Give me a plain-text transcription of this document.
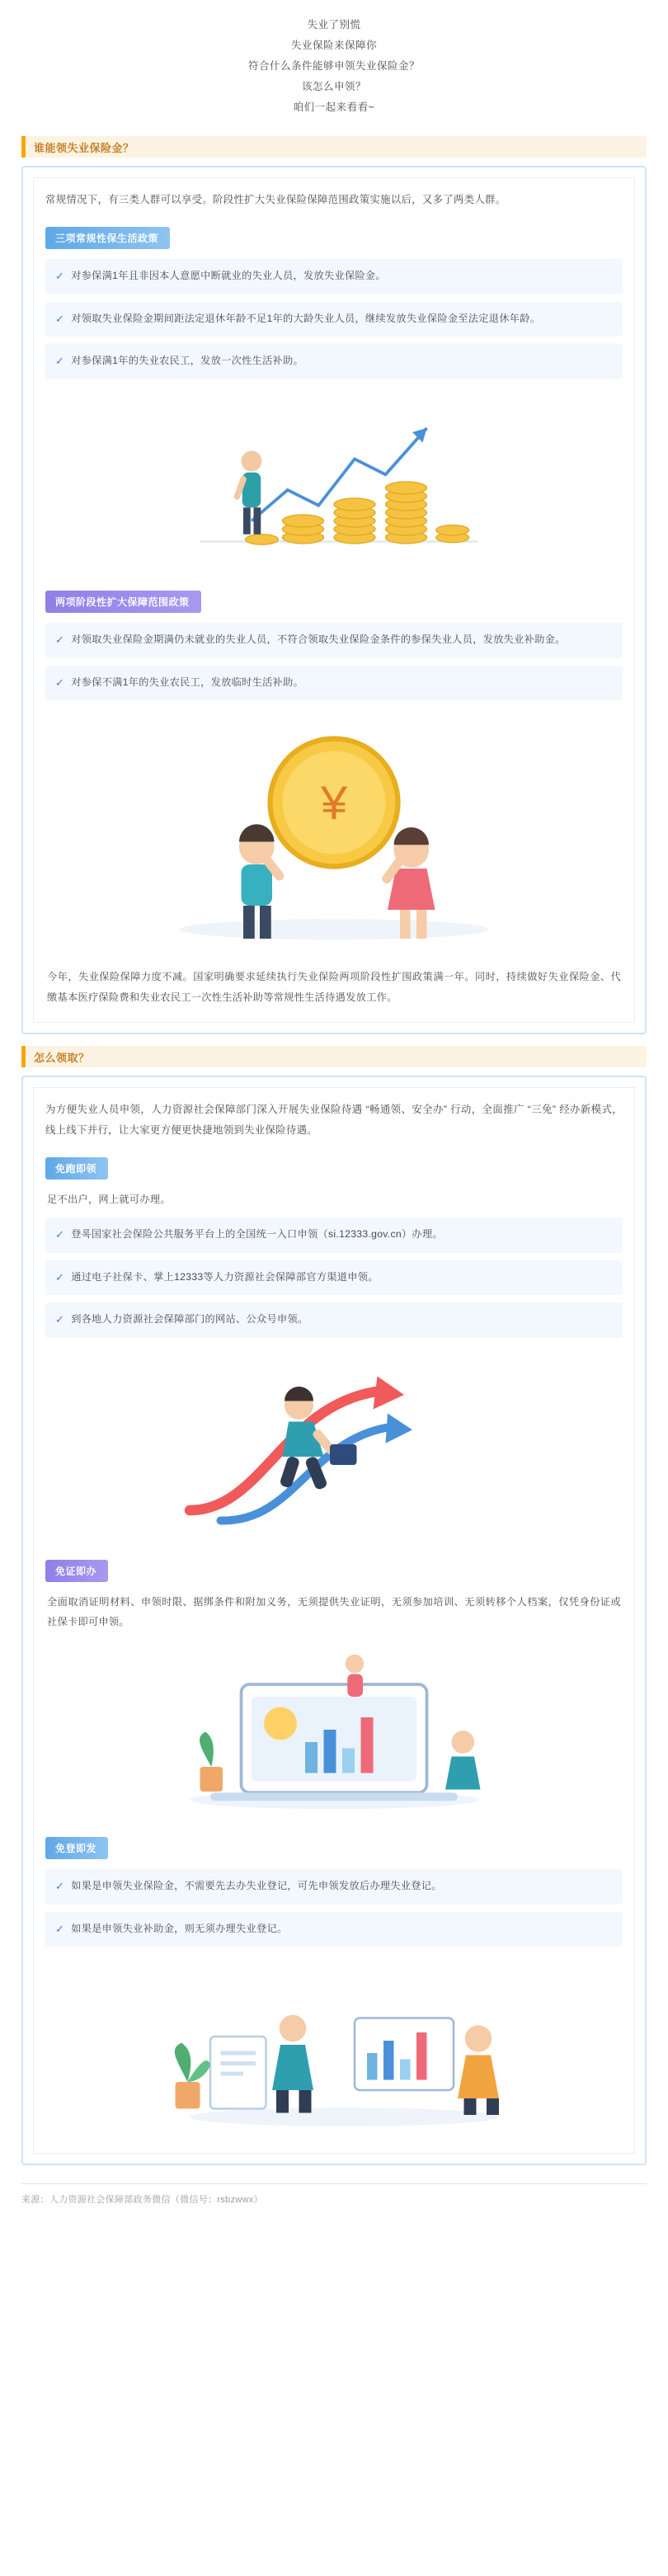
失业了别慌
失业保险来保障你
符合什么条件能够申领失业保险金？
该怎么申领？
咱们一起来看看~
谁能领失业保险金？
常规情况下，有三类人群可以享受。阶段性扩大失业保险保障范围政策实施以后，又多了两类人群。
三项常规性保生活政策
✓ 对参保满1年且非因本人意愿中断就业的失业人员，发放失业保险金。
✓ 对领取失业保险金期间距法定退休年龄不足1年的大龄失业人员，继续发放失业保险金至法定退休年龄。
✓ 对参保满1年的失业农民工，发放一次性生活补助。
两项阶段性扩大保障范围政策
✓ 对领取失业保险金期满仍未就业的失业人员，不符合领取失业保险金条件的参保失业人员，发放失业补助金。
✓ 对参保不满1年的失业农民工，发放临时生活补助。
¥
今年，失业保险保障力度不减。国家明确要求延续执行失业保险两项阶段性扩围政策满一年。同时，持续做好失业保险金、代缴基本医疗保险费和失业农民工一次性生活补助等常规性生活待遇发放工作。
怎么领取？
为方便失业人员申领，人力资源社会保障部门深入开展失业保险待遇 “畅通领、安全办” 行动，全面推广 “三免” 经办新模式，线上线下并行，让大家更方便更快捷地领到失业保险待遇。
免跑即领
足不出户，网上就可办理。
✓ 登록国家社会保险公共服务平台上的全国统一入口申领（si.12333.gov.cn）办理。
✓ 通过电子社保卡、掌上12333等人力资源社会保障部官方渠道申领。
✓ 到各地人力资源社会保障部门的网站、公众号申领。
免证即办
全面取消证明材料、申领时限、据绑条件和附加义务，无须提供失业证明，无须参加培训、无须转移个人档案，仅凭身份证或社保卡即可申领。
免登即发
✓ 如果是申领失业保险金，不需要先去办失业登记，可先申领发放后办理失业登记。
✓ 如果是申领失业补助金，则无须办理失业登记。
来源：人力资源社会保障部政务微信（微信号：rsbzwwx）
